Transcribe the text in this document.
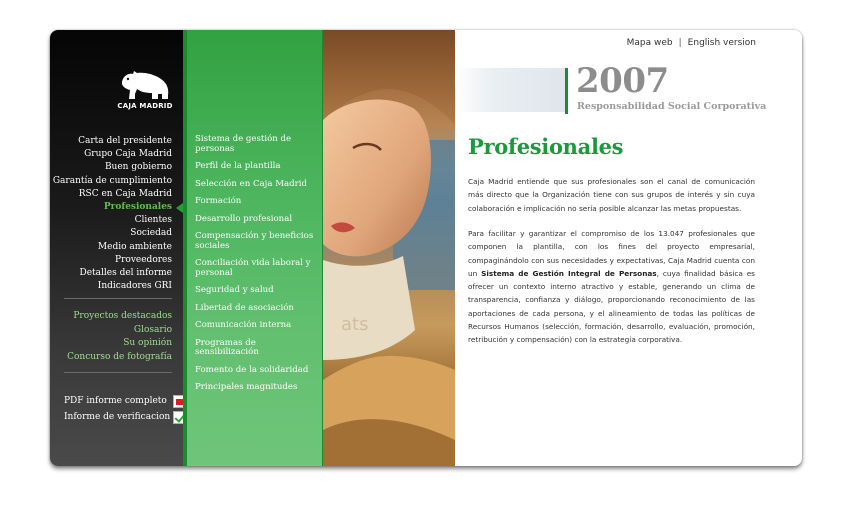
CAJA MADRID
Carta del presidente
Grupo Caja Madrid
Buen gobierno
Garantía de cumplimiento
RSC en Caja Madrid
Profesionales
Clientes
Sociedad
Medio ambiente
Proveedores
Detalles del informe
Indicadores GRI
Proyectos destacados
Glosario
Su opinión
Concurso de fotografía
PDF informe completo
Informe de verificacion
Sistema de gestión de personas
Perfil de la plantilla
Selección en Caja Madrid
Formación
Desarrollo profesional
Compensación y beneficios sociales
Conciliación vida laboral y personal
Seguridad y salud
Libertad de asociación
Comunicación interna
Programas de sensibilización
Fomento de la solidaridad
Principales magnitudes
ats
Mapa web | English version
2007
Responsabilidad Social Corporativa
Profesionales

Caja Madrid entiende que sus profesionales son el canal de comunicación más directo que la Organización tiene con sus grupos de interés y sin cuya colaboración e implicación no sería posible alcanzar las metas propuestas.

Para facilitar y garantizar el compromiso de los 13.047 profesionales que componen la plantilla, con los fines del proyecto empresarial, compaginándolo con sus necesidades y expectativas, Caja Madrid cuenta con un Sistema de Gestión Integral de Personas, cuya finalidad básica es ofrecer un contexto interno atractivo y estable, generando un clima de transparencia, confianza y diálogo, proporcionando reconocimiento de las aportaciones de cada persona, y el alineamiento de todas las políticas de Recursos Humanos (selección, formación, desarrollo, evaluación, promoción, retribución y compensación) con la estrategia corporativa.
